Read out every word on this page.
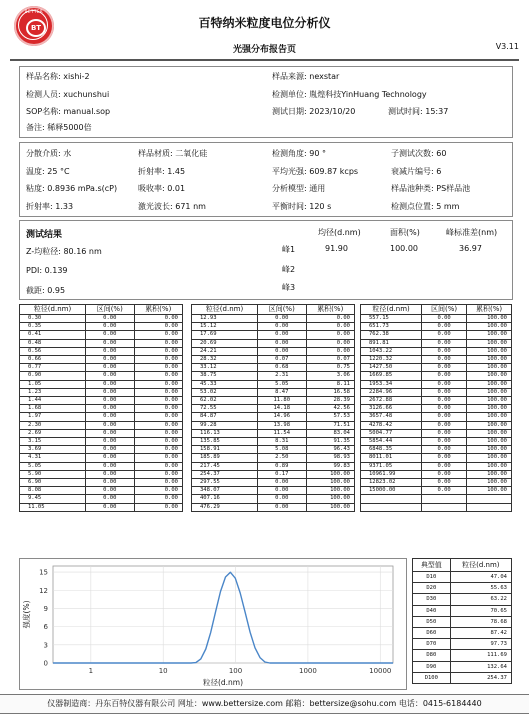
BETTER
BT	百特纳米粒度电位分析仪
光强分布报告页	V3.11
样品名称: xishi-2	样品来源: nexstar
检测人员: xuchunshui	检测单位: 胤煌科技YinHuang Technology
SOP名称: manual.sop	测试日期: 2023/10/20	测试时间: 15:37
备注: 稀释5000倍
分散介质: 水	样品材质: 二氧化硅	检测角度: 90 °	子测试次数: 60
温度: 25 °C	折射率: 1.45	平均光强: 609.87 kcps	衰减片编号: 6
粘度: 0.8936 mPa.s(cP)	吸收率: 0.01	分析模型: 通用	样品池种类: PS样品池
折射率: 1.33	激光波长: 671 nm	平衡时间: 120 s	检测点位置: 5 mm
测试结果
Z-均粒径: 80.16 nm
PDI: 0.139
截距: 0.95
均径(d.nm)	面积(%)	峰标准差(nm)
峰1	91.90	100.00	36.97
峰2
峰3
粒径(d.nm)	区间(%)	累积(%)
0.30	0.00	0.00
0.35	0.00	0.00
0.41	0.00	0.00
0.48	0.00	0.00
0.56	0.00	0.00
0.66	0.00	0.00
0.77	0.00	0.00
0.90	0.00	0.00
1.05	0.00	0.00
1.23	0.00	0.00
1.44	0.00	0.00
1.68	0.00	0.00
1.97	0.00	0.00
2.30	0.00	0.00
2.69	0.00	0.00
3.15	0.00	0.00
3.69	0.00	0.00
4.31	0.00	0.00
5.05	0.00	0.00
5.90	0.00	0.00
6.90	0.00	0.00
8.08	0.00	0.00
9.45	0.00	0.00
11.05	0.00	0.00
粒径(d.nm)	区间(%)	累积(%)
12.93	0.00	0.00
15.12	0.00	0.00
17.69	0.00	0.00
20.69	0.00	0.00
24.21	0.00	0.00
28.32	0.07	0.07
33.12	0.68	0.75
38.75	2.31	3.06
45.33	5.05	8.11
53.02	8.47	16.58
62.02	11.80	28.39
72.55	14.18	42.56
84.87	14.96	57.53
99.28	13.98	71.51
116.13	11.54	83.04
135.85	8.31	91.35
158.91	5.08	96.43
185.89	2.50	98.93
217.45	0.89	99.83
254.37	0.17	100.00
297.55	0.00	100.00
348.07	0.00	100.00
407.16	0.00	100.00
476.29	0.00	100.00
粒径(d.nm)	区间(%)	累积(%)
557.15	0.00	100.00
651.73	0.00	100.00
762.38	0.00	100.00
891.81	0.00	100.00
1043.22	0.00	100.00
1220.32	0.00	100.00
1427.50	0.00	100.00
1669.85	0.00	100.00
1953.34	0.00	100.00
2284.96	0.00	100.00
2672.88	0.00	100.00
3126.66	0.00	100.00
3657.48	0.00	100.00
4278.42	0.00	100.00
5004.77	0.00	100.00
5854.44	0.00	100.00
6848.35	0.00	100.00
8011.01	0.00	100.00
9371.05	0.00	100.00
10961.99	0.00	100.00
12823.02	0.00	100.00
15000.00	0.00	100.00

0
3
6
9
12
15
1	10	100	1000	10000
粒径(d.nm)
强度(%)
典型值	粒径(d.nm)
D10	47.04
D20	55.63
D30	63.22
D40	70.65
D50	78.68
D60	87.42
D70	97.73
D80	111.69
D90	132.64
D100	254.37
仪器制造商：丹东百特仪器有限公司 网址：www.bettersize.com 邮箱：bettersize@sohu.com 电话：0415-6184440
